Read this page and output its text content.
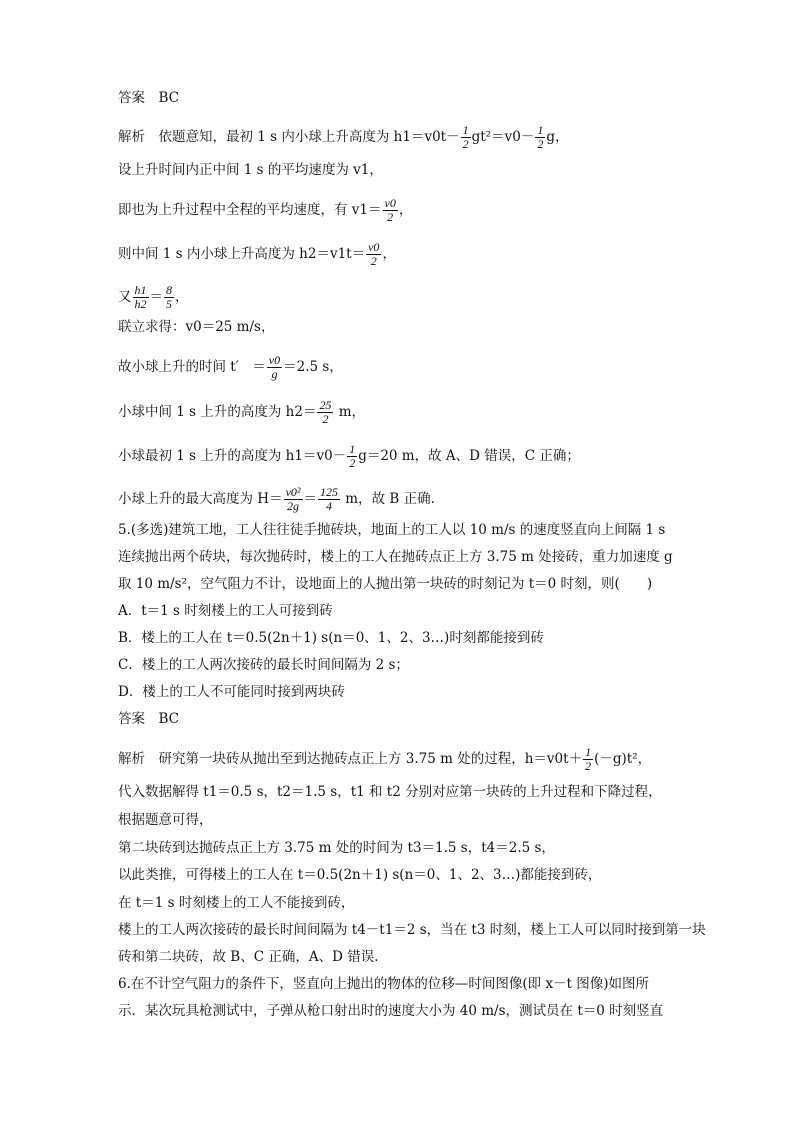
答案　BC
解析　依题意知，最初 1 s 内小球上升高度为 $h1=v0t- \frac{1}{2} gt^2=v0- \frac{1}{2}$ g，
设上升时间内正中间 1 s 的平均速度为 v1，
即也为上升过程中全程的平均速度，有 $v1= \frac{v0}{2}$ ，
则中间 1 s 内小球上升高度为 $h2=v1t= \frac{v0}{2}$ ，
又 $\frac{h1}{h2} = \frac{8}{5}$ ，
联立求得：v0＝25 m/s，
故小球上升的时间 t′　＝ $\frac{v0}{g} =2.5$ s，
小球中间 1 s 上升的高度为 $h2= \frac{25}{2}$ m，
小球最初 1 s 上升的高度为 $h1=v0- \frac{1}{2} g=20$ m，故 A、D 错误，C 正确；
小球上升的最大高度为 $H= \frac{\text{v0²}}{2g} = \frac{125}{4}$ m，故 B 正确.
5.(多选)建筑工地，工人往往徒手抛砖块，地面上的工人以 10 m/s 的速度竖直向上间隔 1 s
连续抛出两个砖块，每次抛砖时，楼上的工人在抛砖点正上方 3.75 m 处接砖，重力加速度 g
取 10 m/s²，空气阻力不计，设地面上的人抛出第一块砖的时刻记为 t＝0 时刻，则(　　)
A．t＝1 s 时刻楼上的工人可接到砖
B．楼上的工人在 t＝0.5(2n＋1) s(n＝0、1、2、3…)时刻都能接到砖
C．楼上的工人两次接砖的最长时间间隔为 2 s；
D．楼上的工人不可能同时接到两块砖
答案　BC
解析　研究第一块砖从抛出至到达抛砖点正上方 3.75 m 处的过程，$h=v0t+ \frac{1}{2} (-g)t^2$，
代入数据解得 t1＝0.5 s，t2＝1.5 s，t1 和 t2 分别对应第一块砖的上升过程和下降过程，
根据题意可得，
第二块砖到达抛砖点正上方 3.75 m 处的时间为 t3＝1.5 s，t4＝2.5 s，
以此类推，可得楼上的工人在 t＝0.5(2n＋1) s(n＝0、1、2、3…)都能接到砖，
在 t＝1 s 时刻楼上的工人不能接到砖，
楼上的工人两次接砖的最长时间间隔为 t4－t1＝2 s，当在 t3 时刻，楼上工人可以同时接到第一块
砖和第二块砖，故 B、C 正确，A、D 错误.
6.在不计空气阻力的条件下，竖直向上抛出的物体的位移—时间图像(即 x－t 图像)如图所
示．某次玩具枪测试中，子弹从枪口射出时的速度大小为 40 m/s，测试员在 t＝0 时刻竖直
